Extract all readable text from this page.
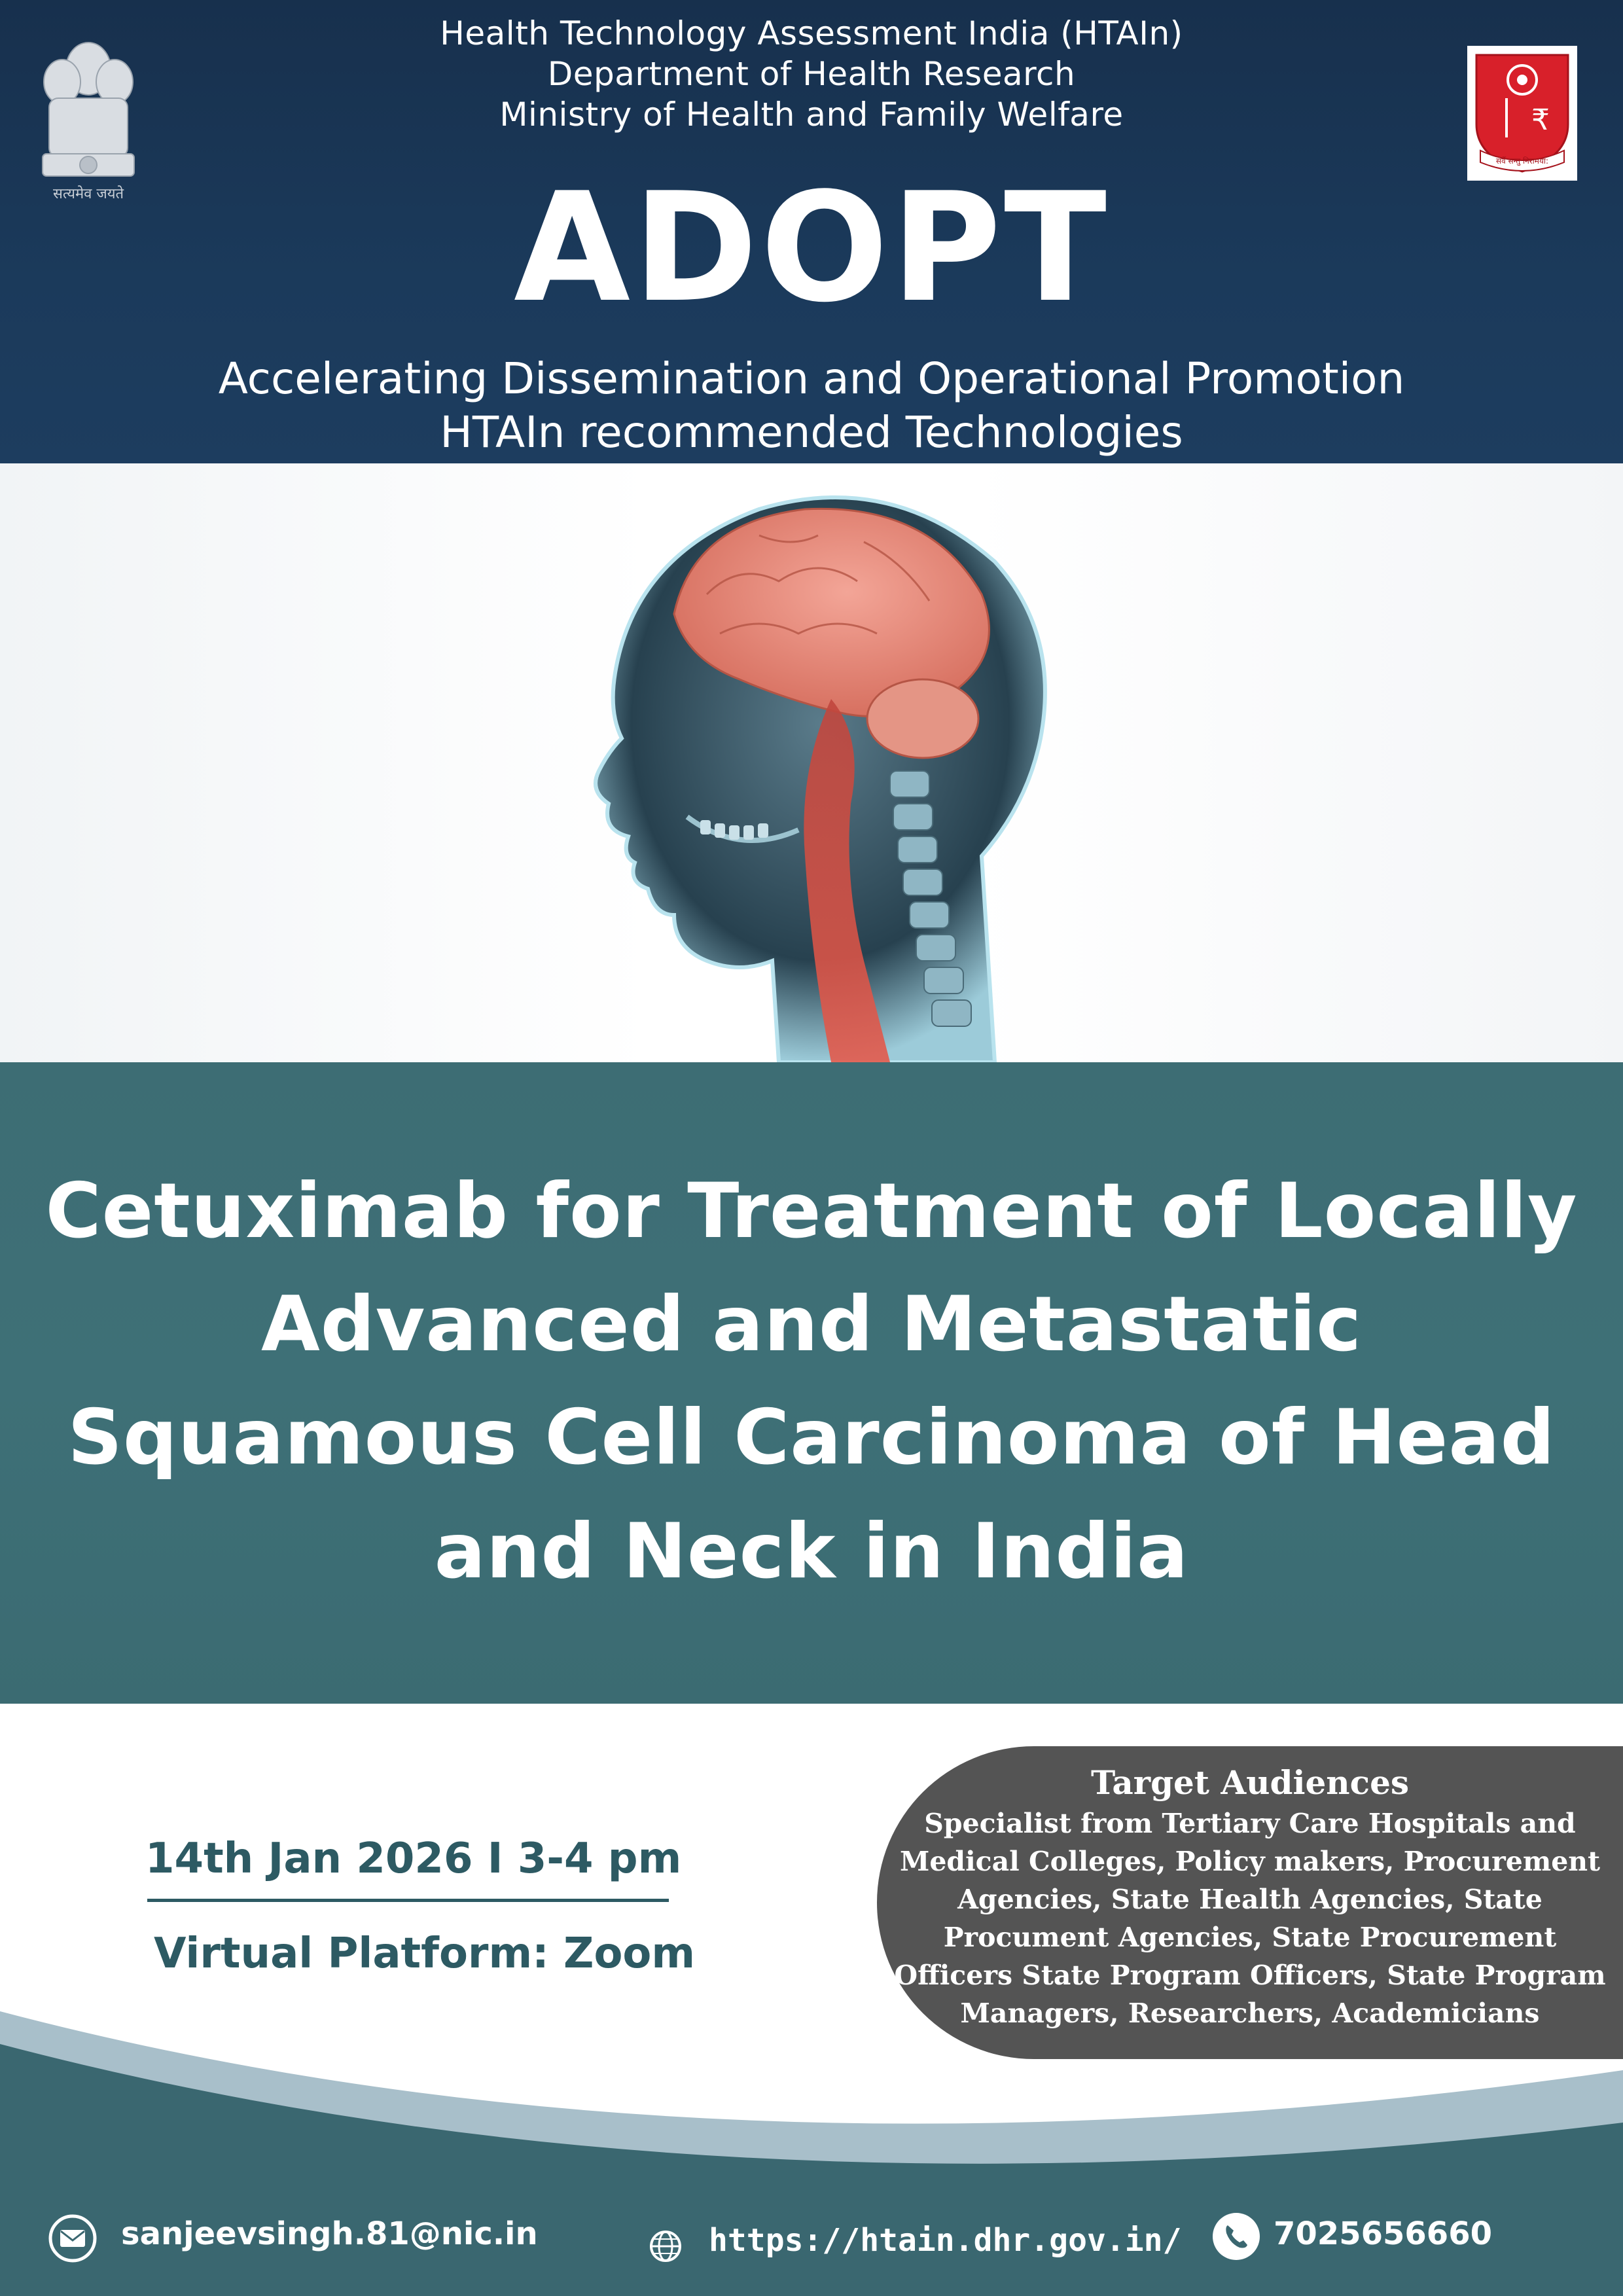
सत्यमेव जयते
Health Technology Assessment India (HTAIn)
Department of Health Research
Ministry of Health and Family Welfare
ADOPT
Accelerating Dissemination and Operational Promotion
HTAIn recommended Technologies
₹
सर्वे सन्तु निरामया:
Cetuximab for Treatment of Locally
Advanced and Metastatic
Squamous Cell Carcinoma of Head
and Neck in India
14th Jan 2026 I 3-4 pm
Virtual Platform: Zoom
Target Audiences
Specialist from Tertiary Care Hospitals and
Medical Colleges, Policy makers, Procurement
Agencies, State Health Agencies, State
Procument Agencies, State Procurement
Officers State Program Officers, State Program
Managers, Researchers, Academicians
sanjeevsingh.81@nic.in	https://htain.dhr.gov.in/	7025656660
